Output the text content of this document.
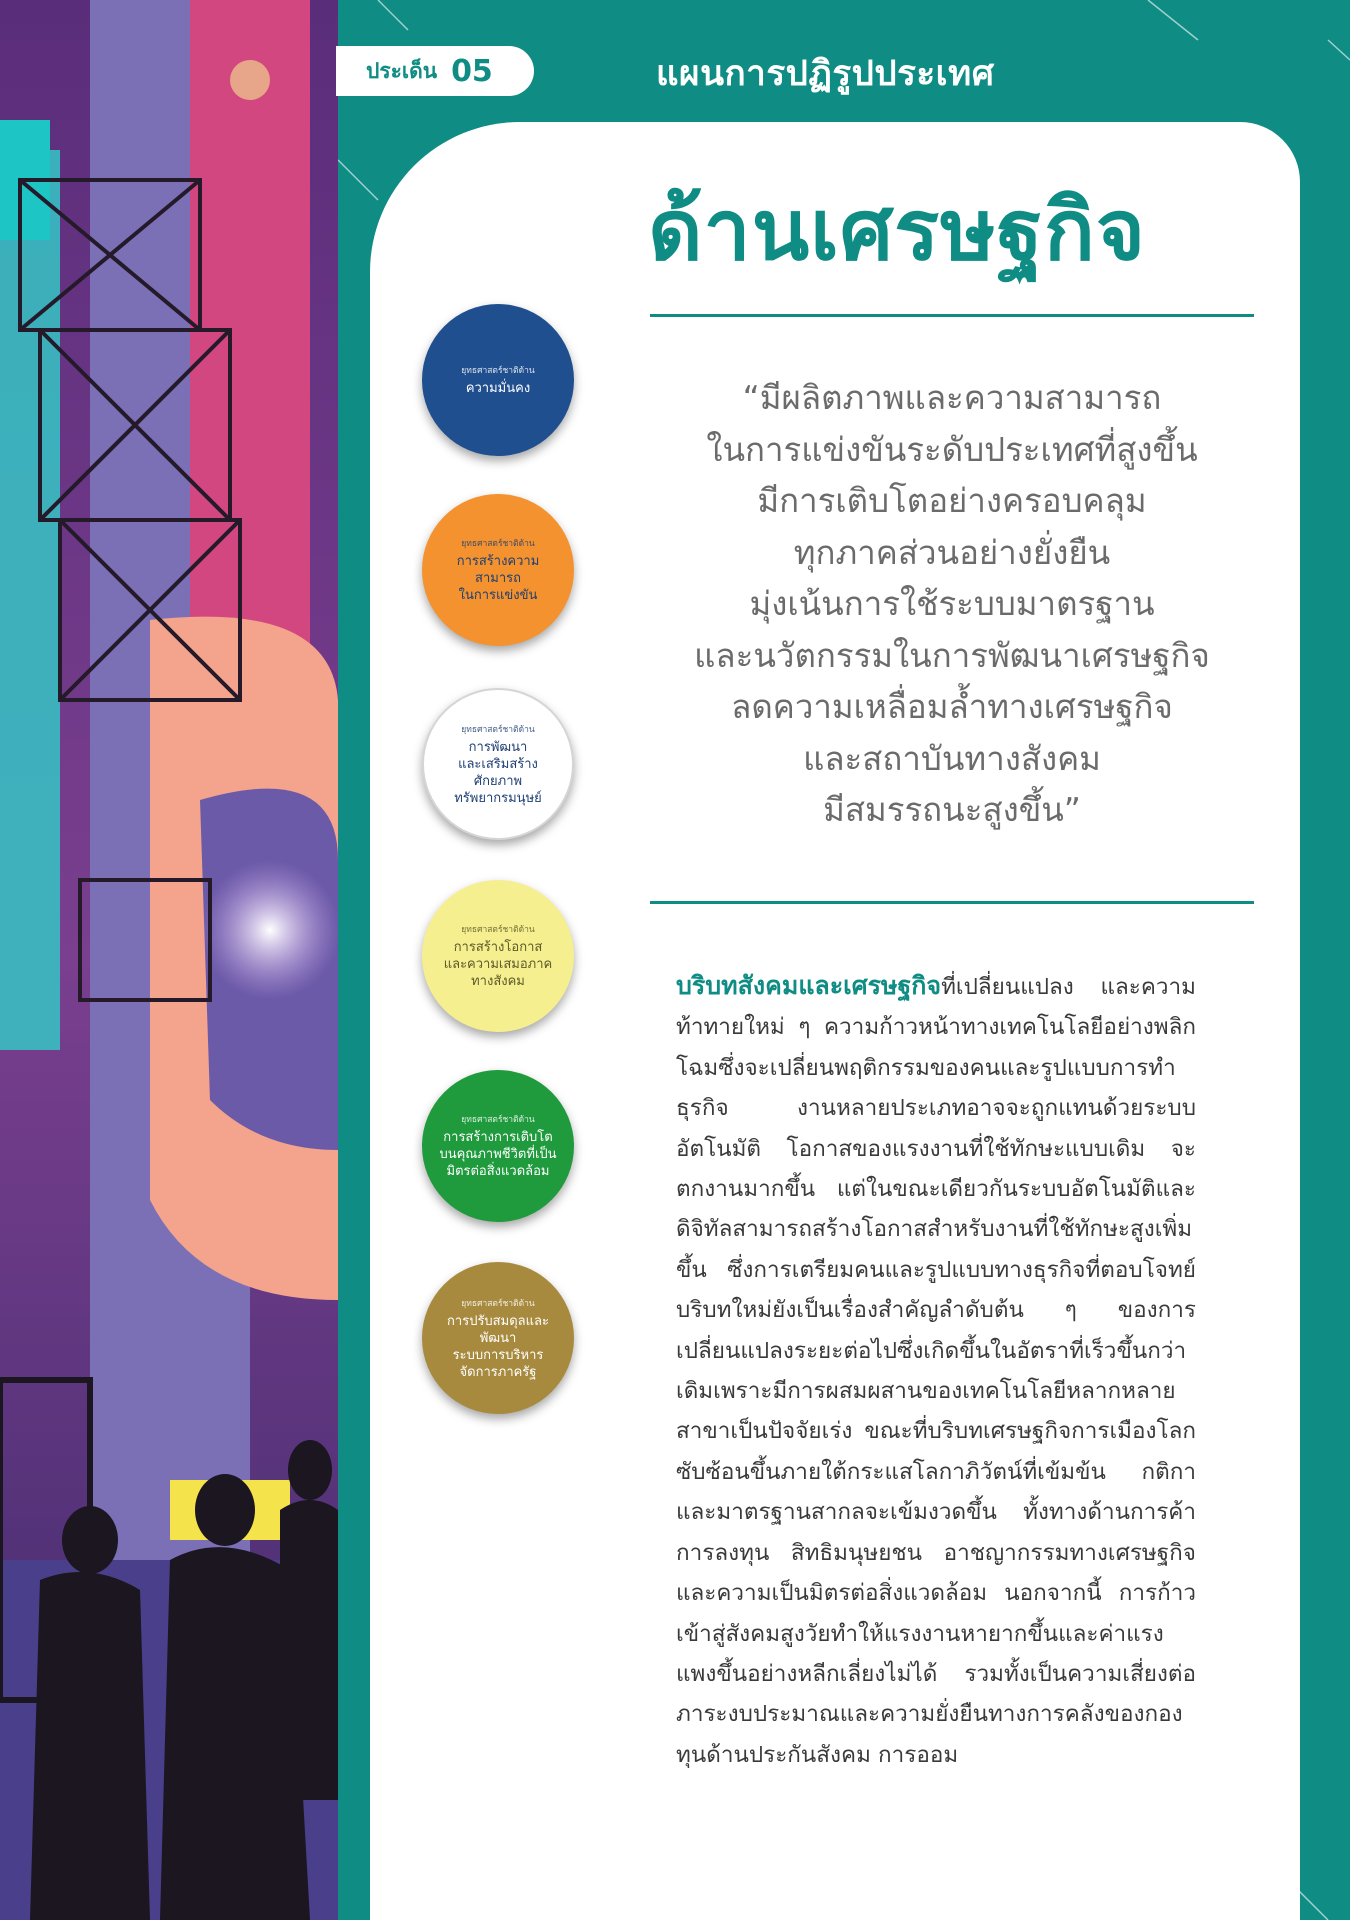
ประเด็น 05	แผนการปฏิรูปประเทศ
ด้านเศรษฐกิจ
“มีผลิตภาพและความสามารถ
ในการแข่งขันระดับประเทศที่สูงขึ้น
มีการเติบโตอย่างครอบคลุม
ทุกภาคส่วนอย่างยั่งยืน
มุ่งเน้นการใช้ระบบมาตรฐาน
และนวัตกรรมในการพัฒนาเศรษฐกิจ
ลดความเหลื่อมล้ำทางเศรษฐกิจ
และสถาบันทางสังคม
มีสมรรถนะสูงขึ้น”
บริบทสังคมและเศรษฐกิจที่เปลี่ยนแปลง และความท้าทายใหม่ ๆ ความก้าวหน้าทางเทคโนโลยีอย่างพลิกโฉมซึ่งจะเปลี่ยนพฤติกรรมของคนและรูปแบบการทำธุรกิจ งานหลายประเภทอาจจะถูกแทนด้วยระบบอัตโนมัติ โอกาสของแรงงานที่ใช้ทักษะแบบเดิม จะตกงานมากขึ้น แต่ในขณะเดียวกันระบบอัตโนมัติและดิจิทัลสามารถสร้างโอกาสสำหรับงานที่ใช้ทักษะสูงเพิ่มขึ้น ซึ่งการเตรียมคนและรูปแบบทางธุรกิจที่ตอบโจทย์บริบทใหม่ยังเป็นเรื่องสำคัญลำดับต้น ๆ ของการเปลี่ยนแปลงระยะต่อไปซึ่งเกิดขึ้นในอัตราที่เร็วขึ้นกว่าเดิมเพราะมีการผสมผสานของเทคโนโลยีหลากหลายสาขาเป็นปัจจัยเร่ง ขณะที่บริบทเศรษฐกิจการเมืองโลกซับซ้อนขึ้นภายใต้กระแสโลกาภิวัตน์ที่เข้มข้น กติกาและมาตรฐานสากลจะเข้มงวดขึ้น ทั้งทางด้านการค้าการลงทุน สิทธิมนุษยชน อาชญากรรมทางเศรษฐกิจ และความเป็นมิตรต่อสิ่งแวดล้อม นอกจากนี้ การก้าวเข้าสู่สังคมสูงวัยทำให้แรงงานหายากขึ้นและค่าแรงแพงขึ้นอย่างหลีกเลี่ยงไม่ได้ รวมทั้งเป็นความเสี่ยงต่อภาระงบประมาณและความยั่งยืนทางการคลังของกองทุนด้านประกันสังคม การออม
ยุทธศาสตร์ชาติด้าน
ความมั่นคง
ยุทธศาสตร์ชาติด้าน
การสร้างความสามารถ
ในการแข่งขัน
ยุทธศาสตร์ชาติด้าน
การพัฒนา
และเสริมสร้างศักยภาพ
ทรัพยากรมนุษย์
ยุทธศาสตร์ชาติด้าน
การสร้างโอกาส
และความเสมอภาค
ทางสังคม
ยุทธศาสตร์ชาติด้าน
การสร้างการเติบโต
บนคุณภาพชีวิตที่เป็น
มิตรต่อสิ่งแวดล้อม
ยุทธศาสตร์ชาติด้าน
การปรับสมดุลและ
พัฒนา
ระบบการบริหาร
จัดการภาครัฐ
159
